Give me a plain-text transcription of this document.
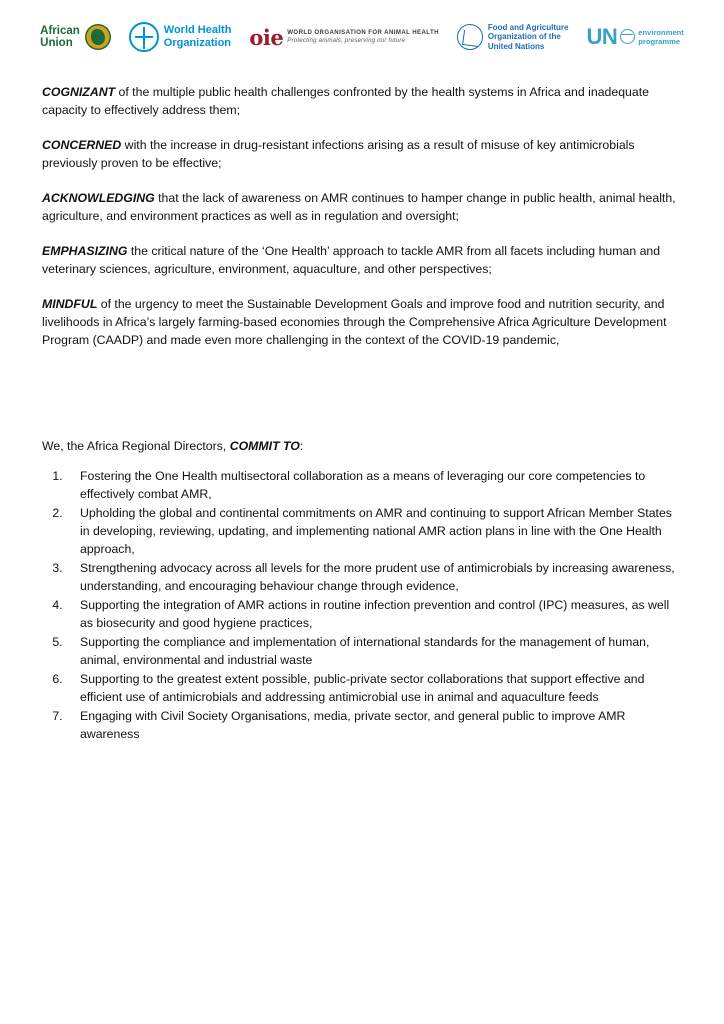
African
Union
World Health
Organization oie WORLD ORGANISATION FOR ANIMAL HEALTH
Protecting animals, preserving our future
Food and Agriculture
Organization of the
United Nations	UN	environment
programme

COGNIZANT of the multiple public health challenges confronted by the health systems in Africa and inadequate capacity to effectively address them;

CONCERNED with the increase in drug-resistant infections arising as a result of misuse of key antimicrobials previously proven to be effective;

ACKNOWLEDGING that the lack of awareness on AMR continues to hamper change in public health, animal health, agriculture, and environment practices as well as in regulation and oversight;

EMPHASIZING the critical nature of the ‘One Health’ approach to tackle AMR from all facets including human and veterinary sciences, agriculture, environment, aquaculture, and other perspectives;

MINDFUL of the urgency to meet the Sustainable Development Goals and improve food and nutrition security, and livelihoods in Africa’s largely farming-based economies through the Comprehensive Africa Agriculture Development Program (CAADP) and made even more challenging in the context of the COVID-19 pandemic,

We, the Africa Regional Directors, COMMIT TO:

1. Fostering the One Health multisectoral collaboration as a means of leveraging our core competencies to effectively combat AMR,
2. Upholding the global and continental commitments on AMR and continuing to support African Member States in developing, reviewing, updating, and implementing national AMR action plans in line with the One Health approach,
3. Strengthening advocacy across all levels for the more prudent use of antimicrobials by increasing awareness, understanding, and encouraging behaviour change through evidence,
4. Supporting the integration of AMR actions in routine infection prevention and control (IPC) measures, as well as biosecurity and good hygiene practices,
5. Supporting the compliance and implementation of international standards for the management of human, animal, environmental and industrial waste
6. Supporting to the greatest extent possible, public-private sector collaborations that support effective and efficient use of antimicrobials and addressing antimicrobial use in animal and aquaculture feeds
7. Engaging with Civil Society Organisations, media, private sector, and general public to improve AMR awareness
